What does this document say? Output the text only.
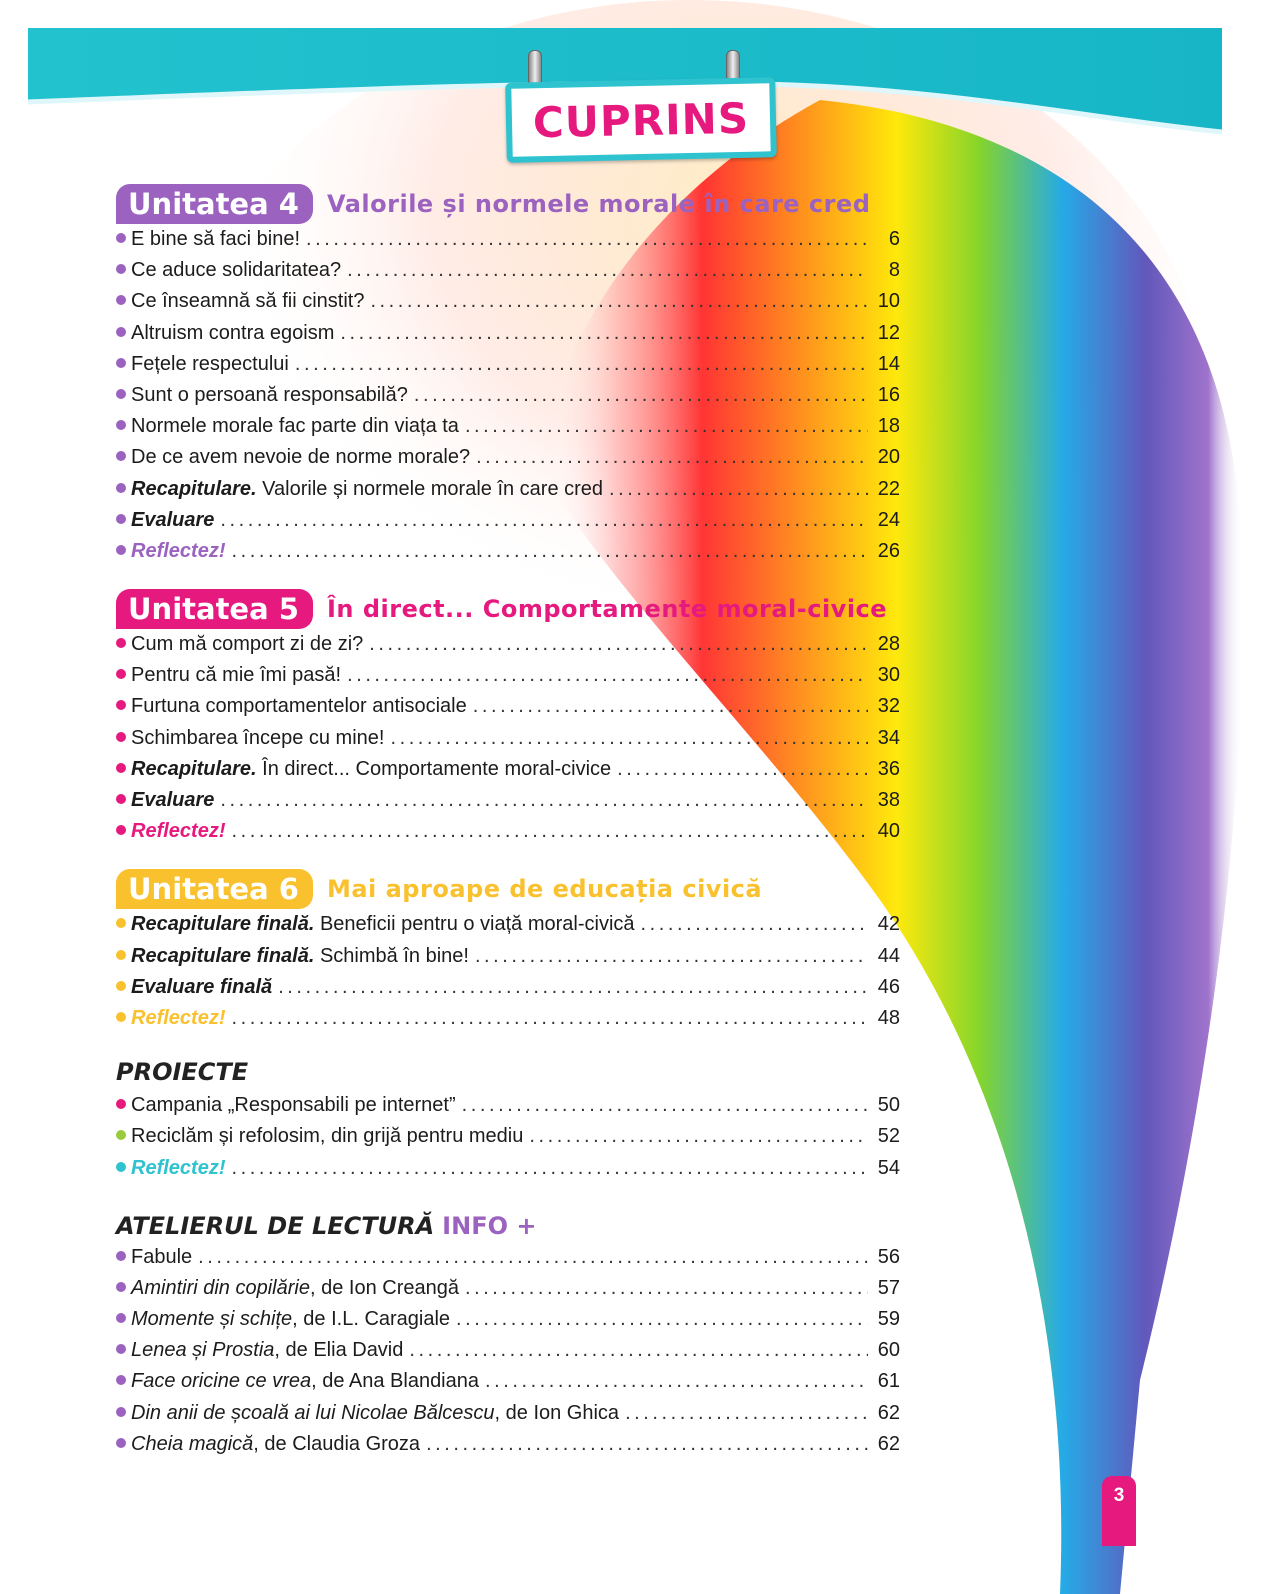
CUPRINS
Unitatea 4	Valorile și normele morale în care cred
E bine să faci bine! . . .	6
Ce aduce solidaritatea? . . .	8
Ce înseamnă să fii cinstit? . . .	10
Altruism contra egoism . . .	12
Fețele respectului . . .	14
Sunt o persoană responsabilă? . . .	16
Normele morale fac parte din viața ta . . .	18
De ce avem nevoie de norme morale? . . .	20
Recapitulare. Valorile și normele morale în care cred . . .	22
Evaluare . . .	24
Reflectez! . . .	26
Unitatea 5	În direct... Comportamente moral-civice
Cum mă comport zi de zi? . . .	28
Pentru că mie îmi pasă! . . .	30
Furtuna comportamentelor antisociale . . .	32
Schimbarea începe cu mine! . . .	34
Recapitulare. În direct... Comportamente moral-civice . . .	36
Evaluare . . .	38
Reflectez! . . .	40
Unitatea 6	Mai aproape de educația civică
Recapitulare finală. Beneficii pentru o viață moral-civică . . .	42
Recapitulare finală. Schimbă în bine! . . .	44
Evaluare finală . . .	46
Reflectez! . . .	48
PROIECTE
Campania „Responsabili pe internet” . . .	50
Reciclăm și refolosim, din grijă pentru mediu . . .	52
Reflectez! . . .	54
ATELIERUL DE LECTURĂ INFO +
Fabule . . .	56
Amintiri din copilărie, de Ion Creangă . . .	57
Momente și schițe, de I.L. Caragiale . . .	59
Lenea și Prostia, de Elia David . . .	60
Face oricine ce vrea, de Ana Blandiana . . .	61
Din anii de școală ai lui Nicolae Bălcescu, de Ion Ghica . . .	62
Cheia magică, de Claudia Groza . . .	62
3
